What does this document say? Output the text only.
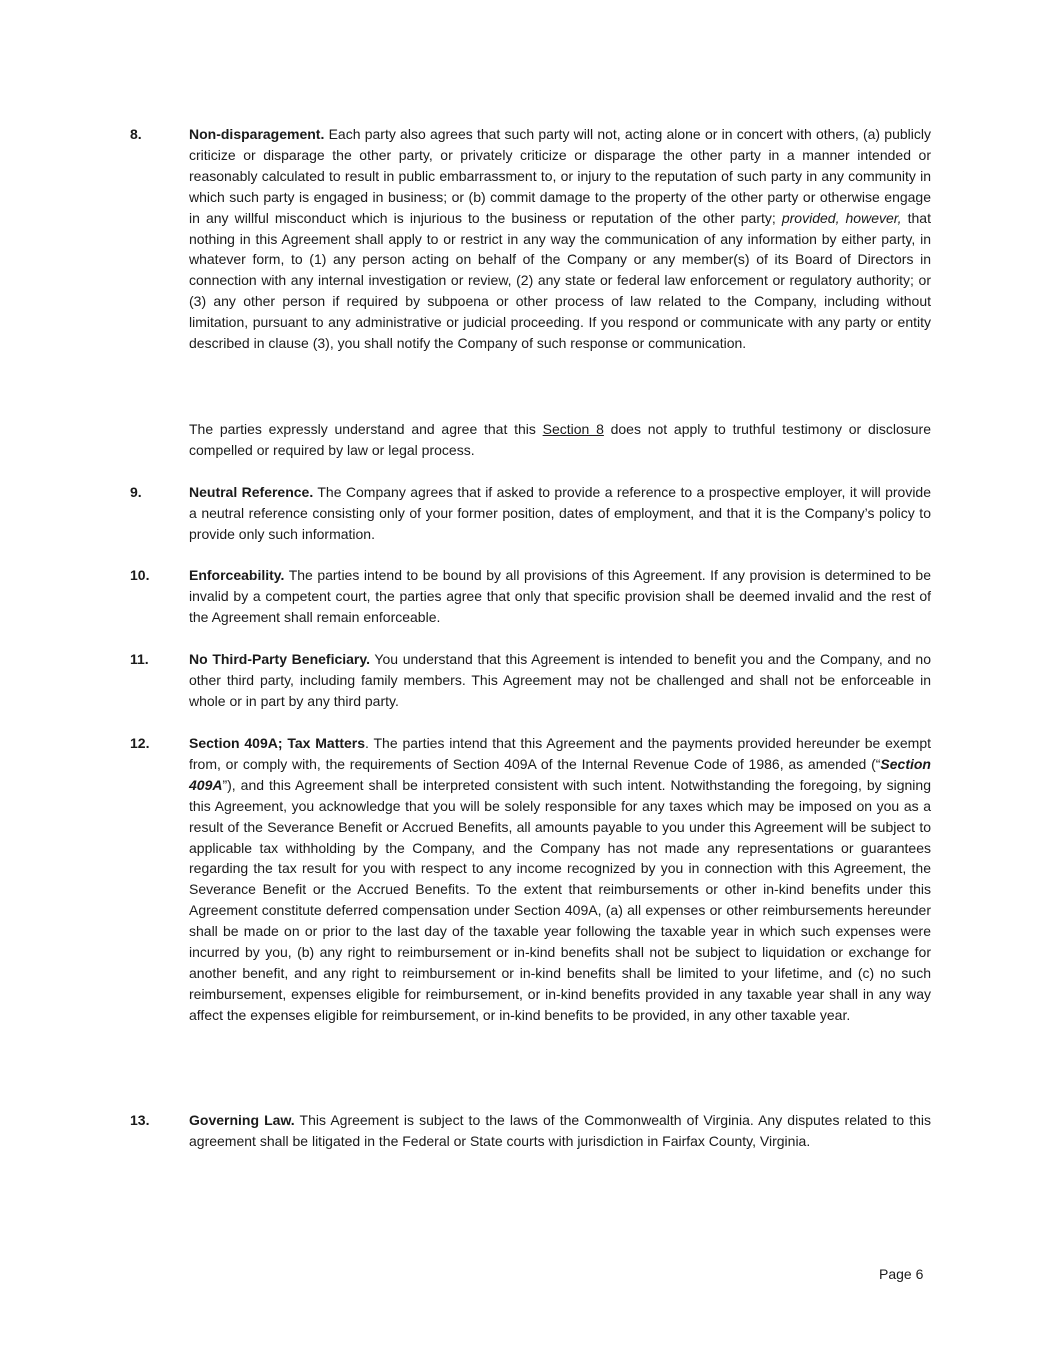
8.	Non-disparagement. Each party also agrees that such party will not, acting alone or in concert with others, (a) publicly criticize or disparage the other party, or privately criticize or disparage the other party in a manner intended or reasonably calculated to result in public embarrassment to, or injury to the reputation of such party in any community in which such party is engaged in business; or (b) commit damage to the property of the other party or otherwise engage in any willful misconduct which is injurious to the business or reputation of the other party; provided, however, that nothing in this Agreement shall apply to or restrict in any way the communication of any information by either party, in whatever form, to (1) any person acting on behalf of the Company or any member(s) of its Board of Directors in connection with any internal investigation or review, (2) any state or federal law enforcement or regulatory authority; or (3) any other person if required by subpoena or other process of law related to the Company, including without limitation, pursuant to any administrative or judicial proceeding. If you respond or communicate with any party or entity described in clause (3), you shall notify the Company of such response or communication.
The parties expressly understand and agree that this Section 8 does not apply to truthful testimony or disclosure compelled or required by law or legal process.
9.	Neutral Reference. The Company agrees that if asked to provide a reference to a prospective employer, it will provide a neutral reference consisting only of your former position, dates of employment, and that it is the Company’s policy to provide only such information.
10.	Enforceability. The parties intend to be bound by all provisions of this Agreement. If any provision is determined to be invalid by a competent court, the parties agree that only that specific provision shall be deemed invalid and the rest of the Agreement shall remain enforceable.
11.	No Third-Party Beneficiary. You understand that this Agreement is intended to benefit you and the Company, and no other third party, including family members. This Agreement may not be challenged and shall not be enforceable in whole or in part by any third party.
12.	Section 409A; Tax Matters. The parties intend that this Agreement and the payments provided hereunder be exempt from, or comply with, the requirements of Section 409A of the Internal Revenue Code of 1986, as amended (“Section 409A”), and this Agreement shall be interpreted consistent with such intent. Notwithstanding the foregoing, by signing this Agreement, you acknowledge that you will be solely responsible for any taxes which may be imposed on you as a result of the Severance Benefit or Accrued Benefits, all amounts payable to you under this Agreement will be subject to applicable tax withholding by the Company, and the Company has not made any representations or guarantees regarding the tax result for you with respect to any income recognized by you in connection with this Agreement, the Severance Benefit or the Accrued Benefits. To the extent that reimbursements or other in-kind benefits under this Agreement constitute deferred compensation under Section 409A, (a) all expenses or other reimbursements hereunder shall be made on or prior to the last day of the taxable year following the taxable year in which such expenses were incurred by you, (b) any right to reimbursement or in-kind benefits shall not be subject to liquidation or exchange for another benefit, and any right to reimbursement or in-kind benefits shall be limited to your lifetime, and (c) no such reimbursement, expenses eligible for reimbursement, or in-kind benefits provided in any taxable year shall in any way affect the expenses eligible for reimbursement, or in-kind benefits to be provided, in any other taxable year.
13.	Governing Law. This Agreement is subject to the laws of the Commonwealth of Virginia. Any disputes related to this agreement shall be litigated in the Federal or State courts with jurisdiction in Fairfax County, Virginia.
Page 6
